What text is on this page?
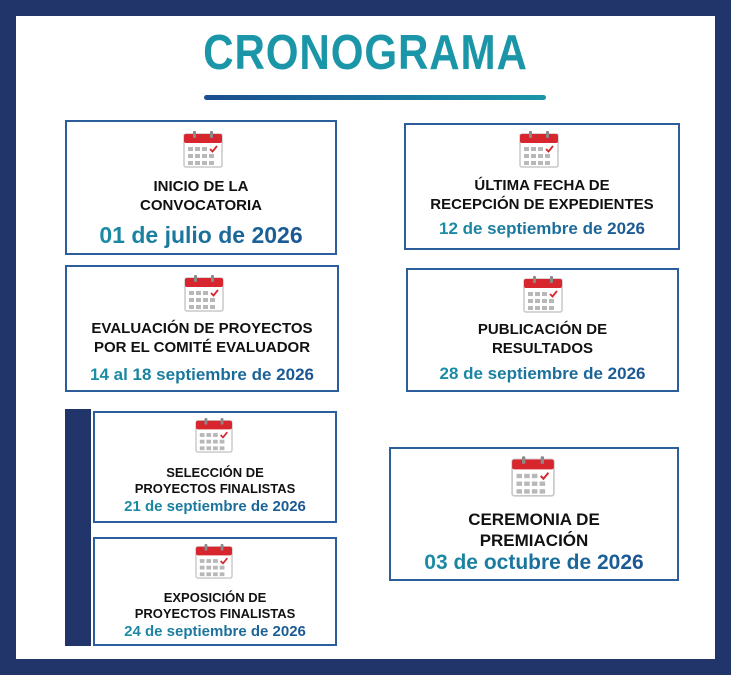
CRONOGRAMA
INICIO DE LA
CONVOCATORIA
01 de julio de 2026
ÚLTIMA FECHA DE
RECEPCIÓN DE EXPEDIENTES
12 de septiembre de 2026
EVALUACIÓN DE PROYECTOS
POR EL COMITÉ EVALUADOR
14 al 18 septiembre de 2026
PUBLICACIÓN DE
RESULTADOS
28 de septiembre de 2026
SELECCIÓN DE
PROYECTOS FINALISTAS
21 de septiembre de 2026
CEREMONIA DE
PREMIACIÓN
03 de octubre de 2026
EXPOSICIÓN DE
PROYECTOS FINALISTAS
24 de septiembre de 2026
